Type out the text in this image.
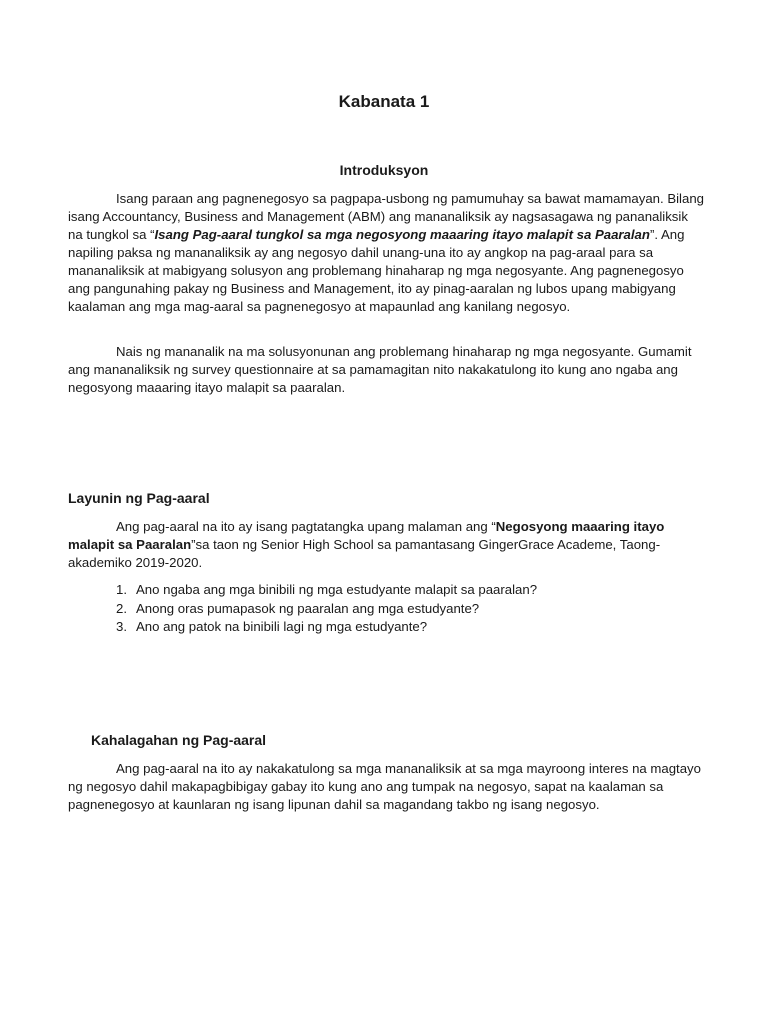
Kabanata 1
Introduksyon

Isang paraan ang pagnenegosyo sa pagpapa-usbong ng pamumuhay sa bawat mamamayan. Bilang isang Accountancy, Business and Management (ABM) ang mananaliksik ay nagsasagawa ng pananaliksik na tungkol sa “Isang Pag-aaral tungkol sa mga negosyong maaaring itayo malapit sa Paaralan”. Ang napiling paksa ng mananaliksik ay ang negosyo dahil unang-una ito ay angkop na pag-araal para sa mananaliksik at mabigyang solusyon ang problemang hinaharap ng mga negosyante. Ang pagnenegosyo ang pangunahing pakay ng Business and Management, ito ay pinag-aaralan ng lubos upang mabigyang kaalaman ang mga mag-aaral sa pagnenegosyo at mapaunlad ang kanilang negosyo.

Nais ng mananalik na ma solusyonunan ang problemang hinaharap ng mga negosyante. Gumamit ang mananaliksik ng survey questionnaire at sa pamamagitan nito nakakatulong ito kung ano ngaba ang negosyong maaaring itayo malapit sa paaralan.

Layunin ng Pag-aaral

Ang pag-aaral na ito ay isang pagtatangka upang malaman ang “Negosyong maaaring itayo malapit sa Paaralan”sa taon ng Senior High School sa pamantasang GingerGrace Academe, Taong-akademiko 2019-2020.

1. Ano ngaba ang mga binibili ng mga estudyante malapit sa paaralan?
2. Anong oras pumapasok ng paaralan ang mga estudyante?
3. Ano ang patok na binibili lagi ng mga estudyante?
Kahalagahan ng Pag-aaral

Ang pag-aaral na ito ay nakakatulong sa mga mananaliksik at sa mga mayroong interes na magtayo ng negosyo dahil makapagbibigay gabay ito kung ano ang tumpak na negosyo, sapat na kaalaman sa pagnenegosyo at kaunlaran ng isang lipunan dahil sa magandang takbo ng isang negosyo.
